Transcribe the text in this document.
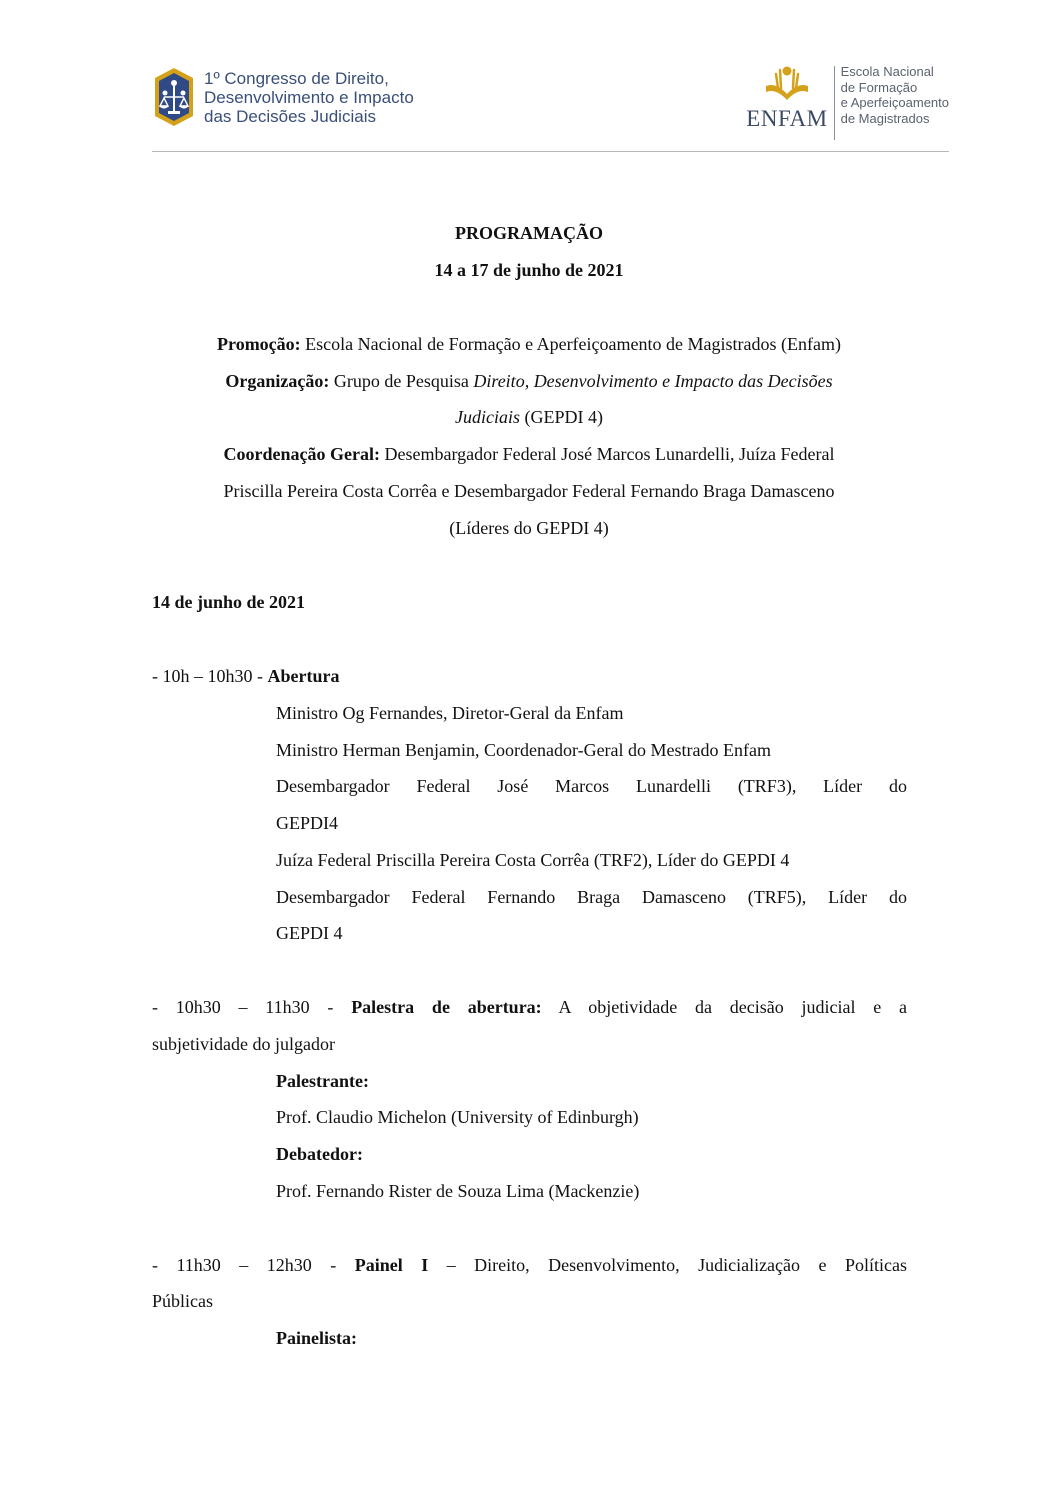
1º Congresso de Direito,
Desenvolvimento e Impacto
das Decisões Judiciais	ENFAM
Escola Nacional
de Formação
e Aperfeiçoamento
de Magistrados
PROGRAMAÇÃO
14 a 17 de junho de 2021
Promoção: Escola Nacional de Formação e Aperfeiçoamento de Magistrados (Enfam)
Organização: Grupo de Pesquisa Direito, Desenvolvimento e Impacto das Decisões
Judiciais (GEPDI 4)
Coordenação Geral: Desembargador Federal José Marcos Lunardelli, Juíza Federal
Priscilla Pereira Costa Corrêa e Desembargador Federal Fernando Braga Damasceno
(Líderes do GEPDI 4)
14 de junho de 2021
- 10h – 10h30 - Abertura
Ministro Og Fernandes, Diretor-Geral da Enfam
Ministro Herman Benjamin, Coordenador-Geral do Mestrado Enfam
Desembargador Federal José Marcos Lunardelli (TRF3), Líder do
GEPDI4
Juíza Federal Priscilla Pereira Costa Corrêa (TRF2), Líder do GEPDI 4
Desembargador Federal Fernando Braga Damasceno (TRF5), Líder do
GEPDI 4
- 10h30 – 11h30 - Palestra de abertura: A objetividade da decisão judicial e a
subjetividade do julgador
Palestrante:
Prof. Claudio Michelon (University of Edinburgh)
Debatedor:
Prof. Fernando Rister de Souza Lima (Mackenzie)
- 11h30 – 12h30 - Painel I – Direito, Desenvolvimento, Judicialização e Políticas
Públicas
Painelista:
